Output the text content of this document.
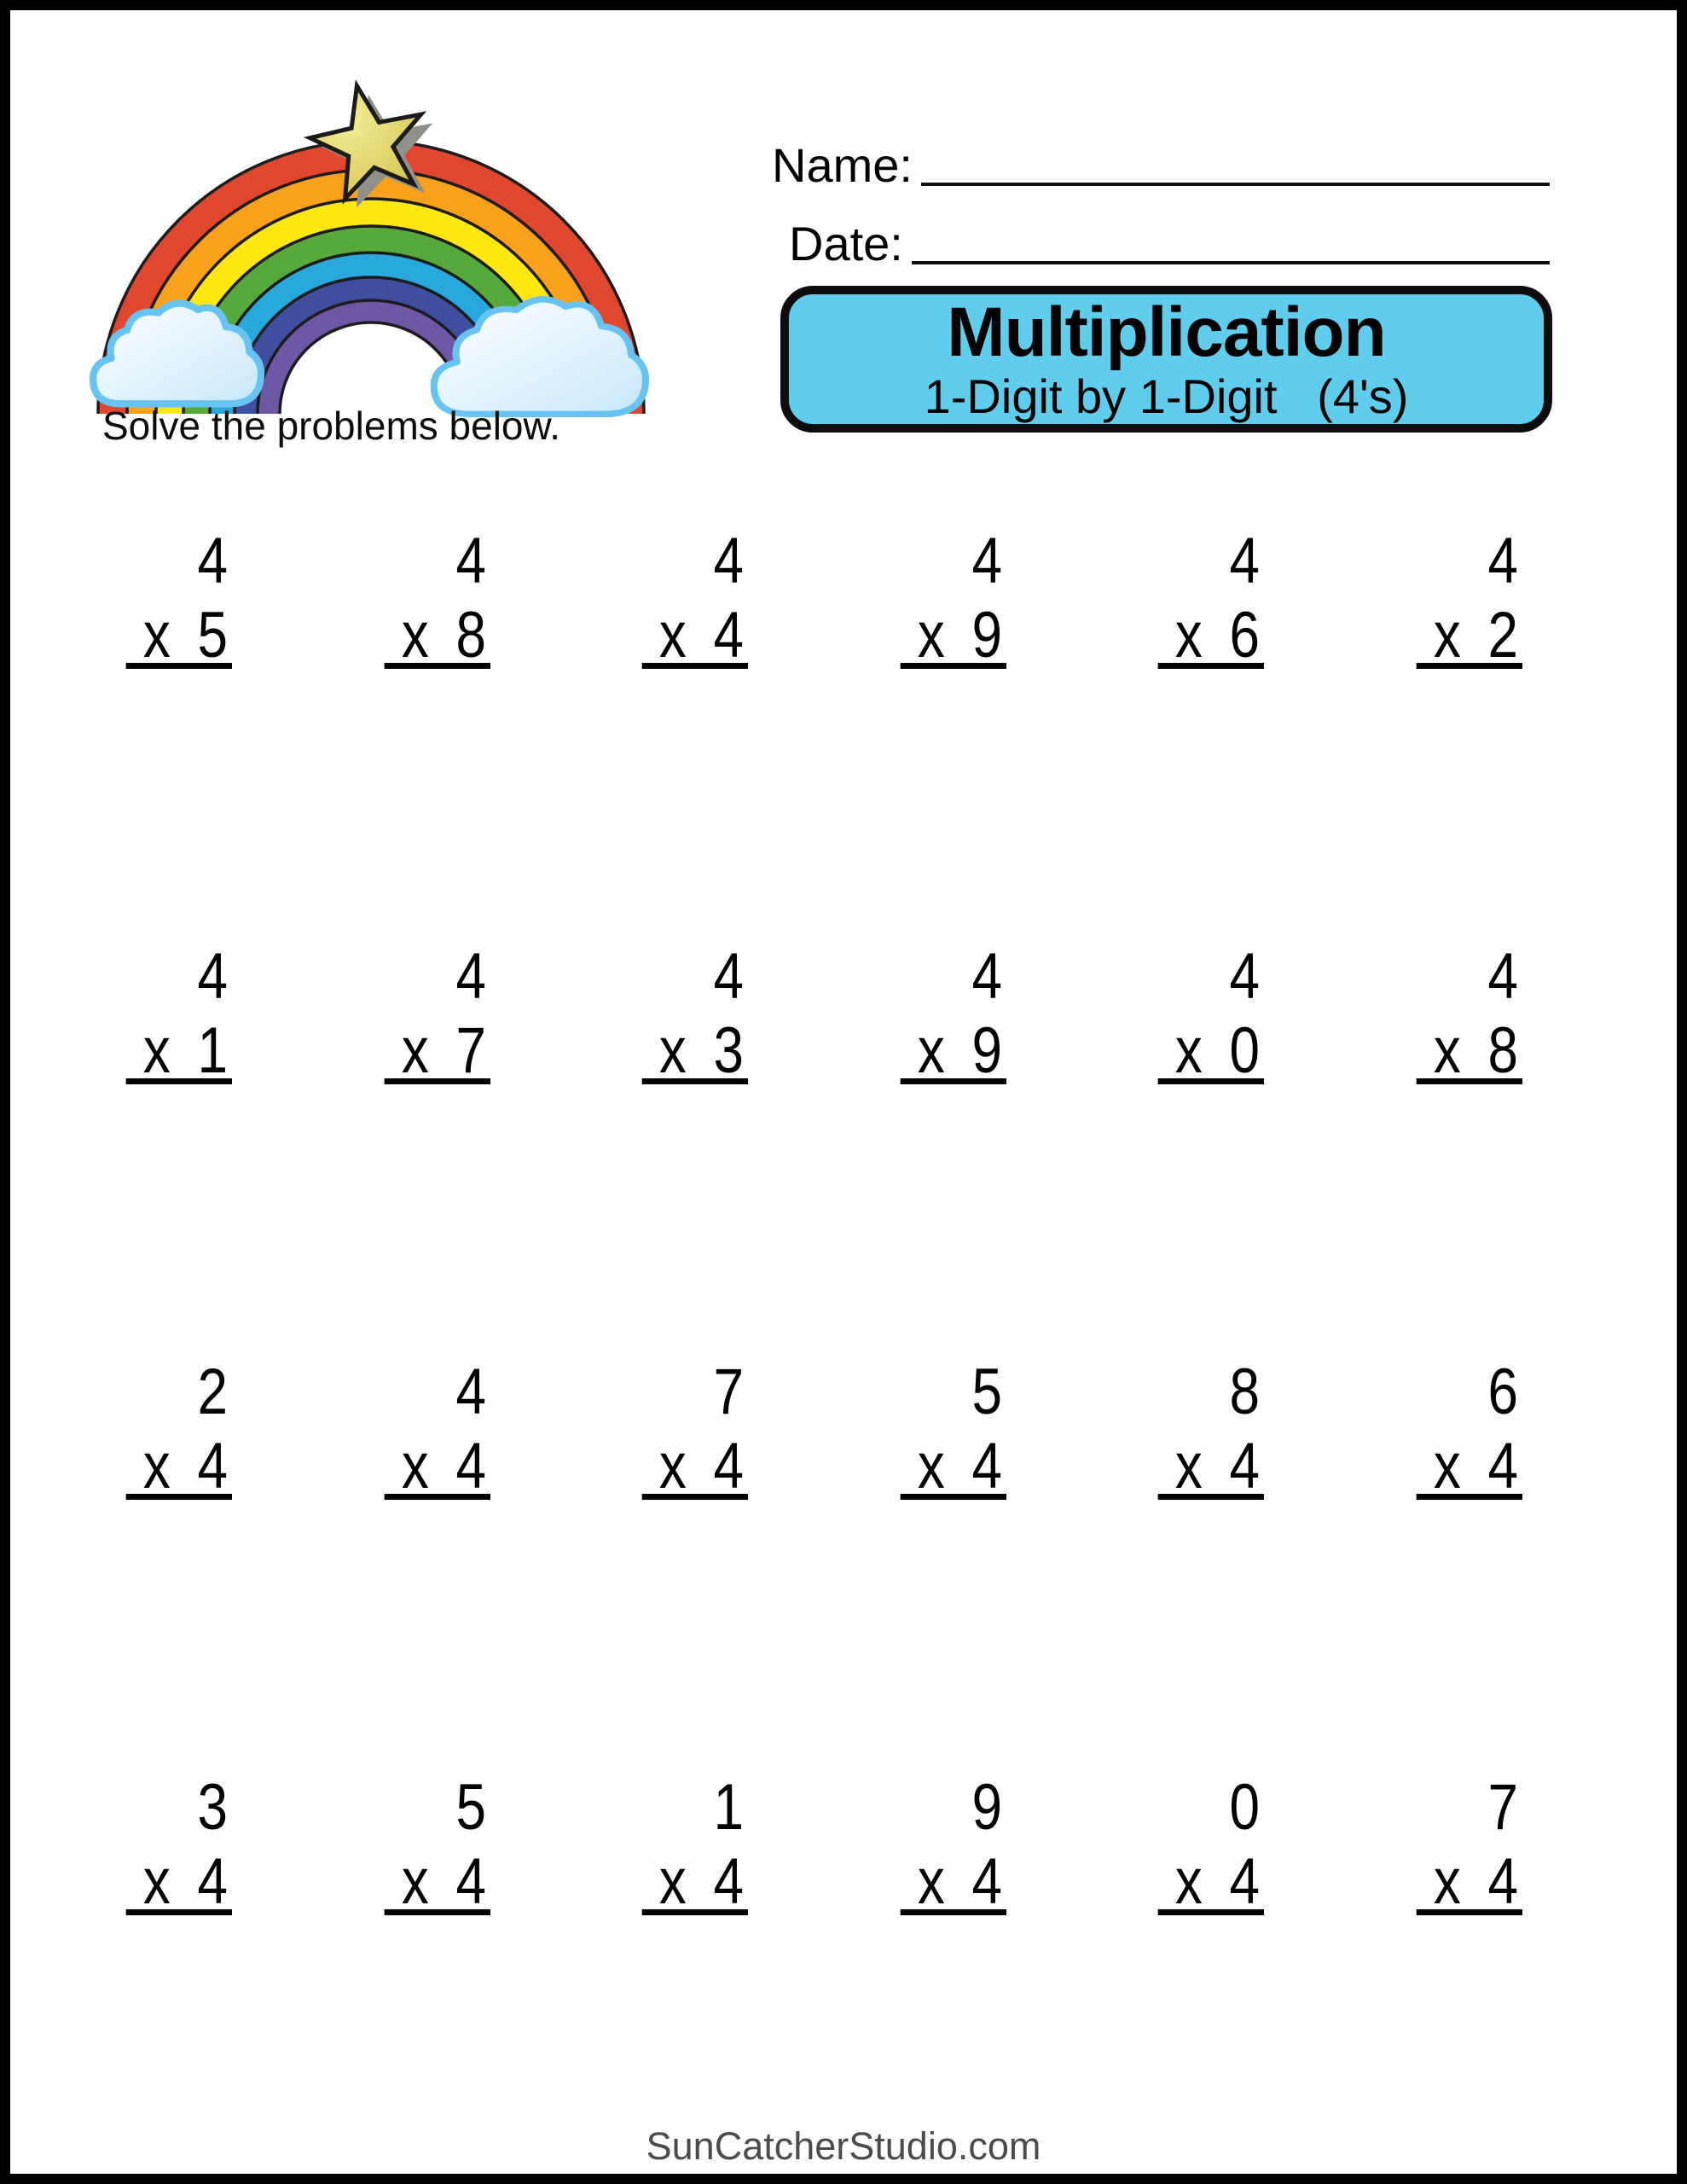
Solve the problems below.
Name:
Date:
Multiplication
1-Digit by 1-Digit   (4's)
4
x 5
4
x 8
4
x 4
4
x 9
4
x 6
4
x 2
4
x 1
4
x 7
4
x 3
4
x 9
4
x 0
4
x 8
2
x 4
4
x 4
7
x 4
5
x 4
8
x 4
6
x 4
3
x 4
5
x 4
1
x 4
9
x 4
0
x 4
7
x 4
SunCatcherStudio.com
